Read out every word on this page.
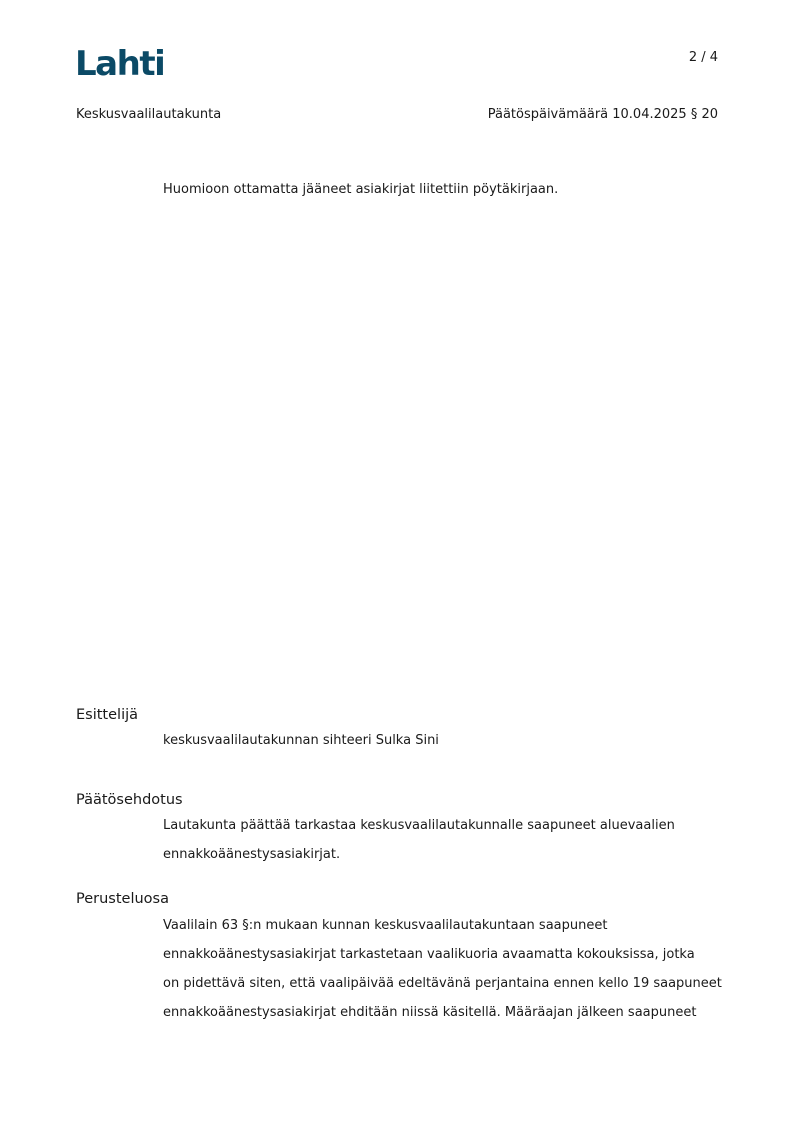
Lahti	2 / 4
Keskusvaalilautakunta	Päätöspäivämäärä 10.04.2025 § 20
Huomioon ottamatta jääneet asiakirjat liitettiin pöytäkirjaan.
Esittelijä

keskusvaalilautakunnan sihteeri Sulka Sini

Päätösehdotus

Lautakunta päättää tarkastaa keskusvaalilautakunnalle saapuneet aluevaalien

ennakkoäänestysasiakirjat.

Perusteluosa

Vaalilain 63 §:n mukaan kunnan keskusvaalilautakuntaan saapuneet

ennakkoäänestysasiakirjat tarkastetaan vaalikuoria avaamatta kokouksissa, jotka

on pidettävä siten, että vaalipäivää edeltävänä perjantaina ennen kello 19 saapuneet

ennakkoäänestysasiakirjat ehditään niissä käsitellä. Määräajan jälkeen saapuneet
